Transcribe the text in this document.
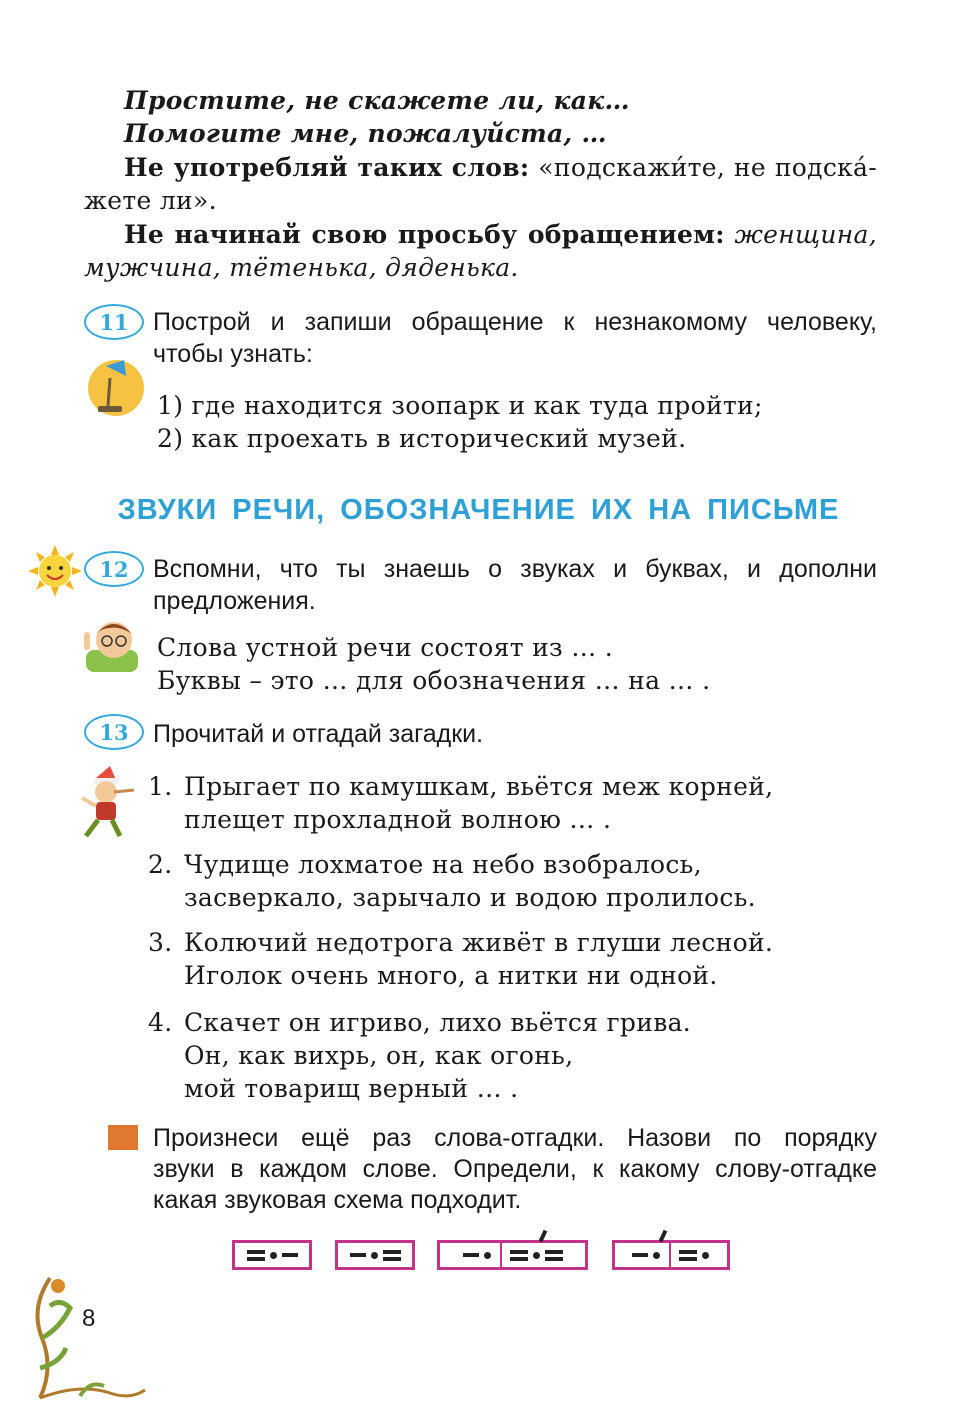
Простите, не скажете ли, как…
Помогите мне, пожалуйста, …
Не употребляй таких слов: «подскажи́те, не подска́-
жете ли».
Не начинай свою просьбу обращением: женщина,
мужчина, тётенька, дяденька.
11 Построй и запиши обращение к незнакомому человеку,
чтобы узнать:
1) где находится зоопарк и как туда пройти;
2) как проехать в исторический музей.
ЗВУКИ РЕЧИ, ОБОЗНАЧЕНИЕ ИХ НА ПИСЬМЕ
12 Вспомни, что ты знаешь о звуках и буквах, и дополни
предложения.
Слова устной речи состоят из … .
Буквы – это … для обозначения … на … .
13 Прочитай и отгадай загадки.
1. Прыгает по камушкам, вьётся меж корней,
плещет прохладной волною … .
2. Чудище лохматое на небо взобралось,
засверкало, зарычало и водою пролилось.
3. Колючий недотрога живёт в глуши лесной.
Иголок очень много, а нитки ни одной.
4. Скачет он игриво, лихо вьётся грива.
Он, как вихрь, он, как огонь,
мой товарищ верный … .
Произнеси ещё раз слова-отгадки. Назови по порядку
звуки в каждом слове. Определи, к какому слову-отгадке
какая звуковая схема подходит.
8
